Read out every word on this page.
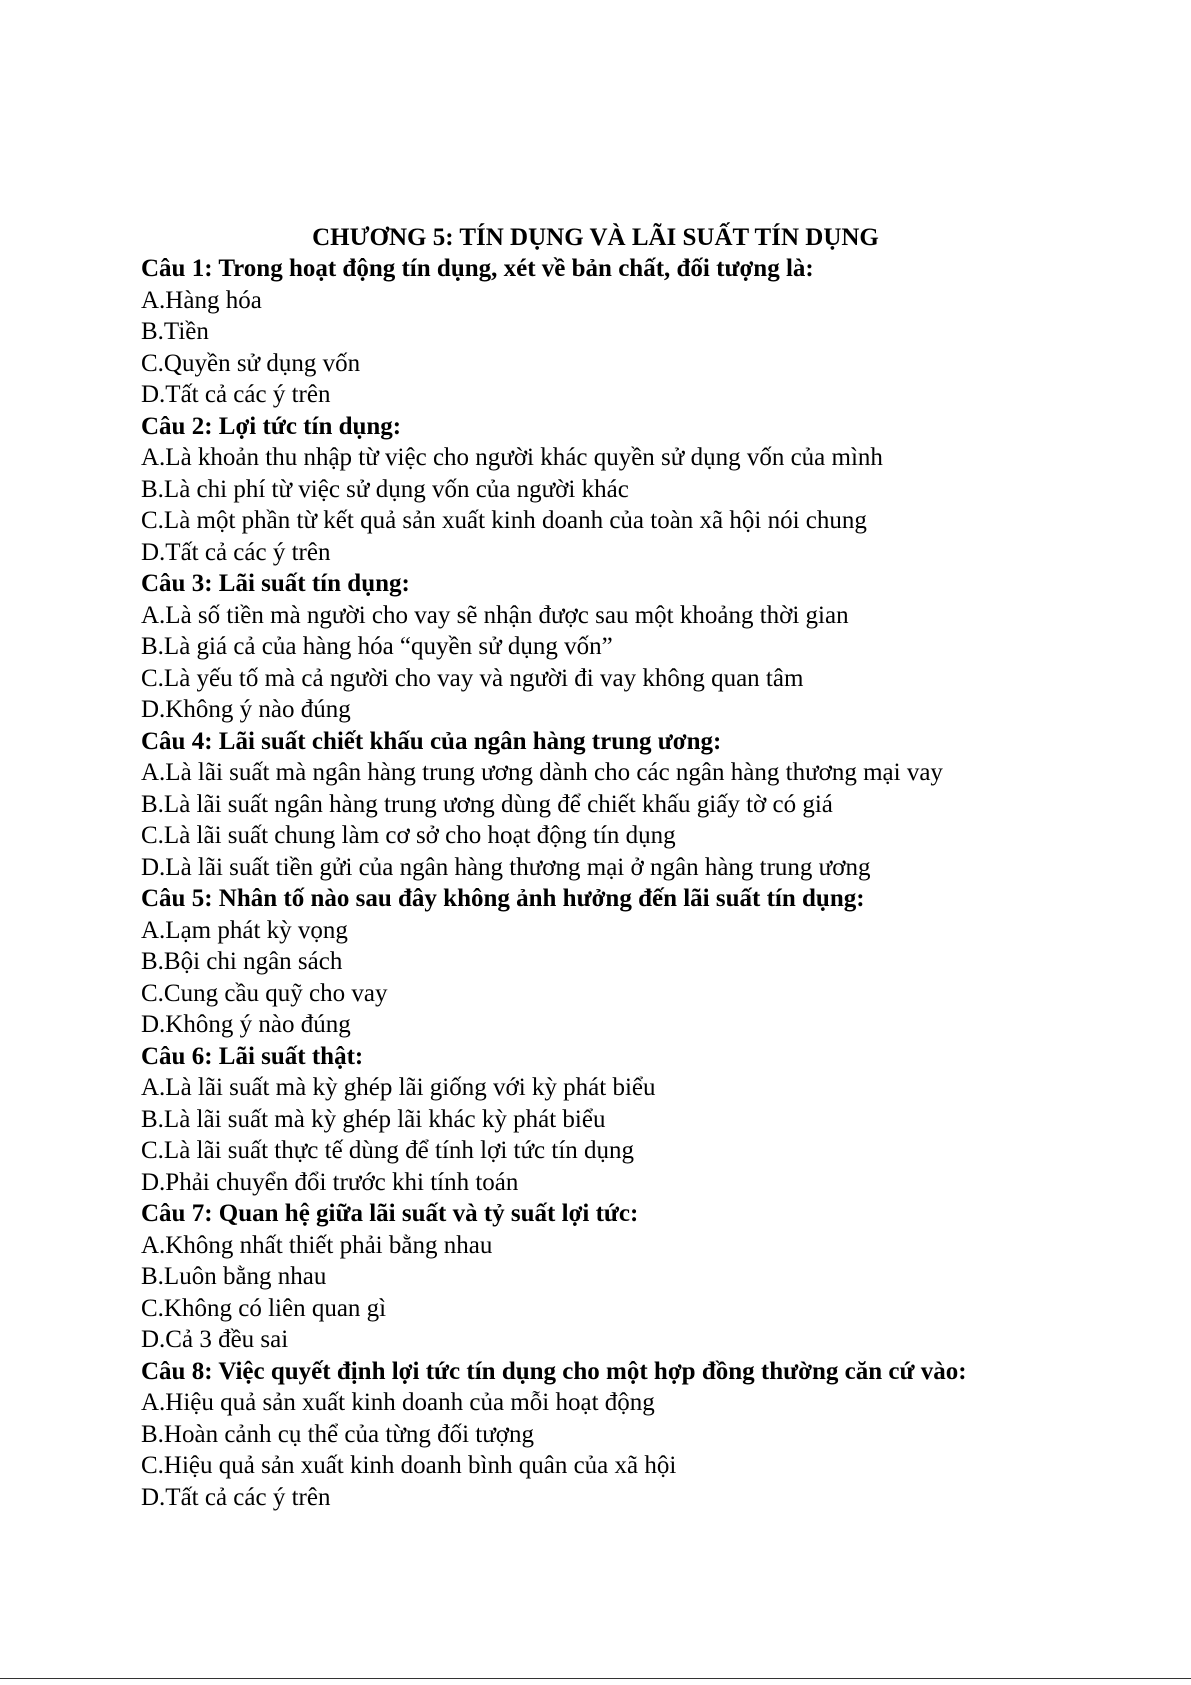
CHƯƠNG 5: TÍN DỤNG VÀ LÃI SUẤT TÍN DỤNG
Câu 1: Trong hoạt động tín dụng, xét về bản chất, đối tượng là:
A.Hàng hóa
B.Tiền
C.Quyền sử dụng vốn
D.Tất cả các ý trên
Câu 2: Lợi tức tín dụng:
A.Là khoản thu nhập từ việc cho người khác quyền sử dụng vốn của mình
B.Là chi phí từ việc sử dụng vốn của người khác
C.Là một phần từ kết quả sản xuất kinh doanh của toàn xã hội nói chung
D.Tất cả các ý trên
Câu 3: Lãi suất tín dụng:
A.Là số tiền mà người cho vay sẽ nhận được sau một khoảng thời gian
B.Là giá cả của hàng hóa “quyền sử dụng vốn”
C.Là yếu tố mà cả người cho vay và người đi vay không quan tâm
D.Không ý nào đúng
Câu 4: Lãi suất chiết khấu của ngân hàng trung ương:
A.Là lãi suất mà ngân hàng trung ương dành cho các ngân hàng thương mại vay
B.Là lãi suất ngân hàng trung ương dùng để chiết khấu giấy tờ có giá
C.Là lãi suất chung làm cơ sở cho hoạt động tín dụng
D.Là lãi suất tiền gửi của ngân hàng thương mại ở ngân hàng trung ương
Câu 5: Nhân tố nào sau đây không ảnh hưởng đến lãi suất tín dụng:
A.Lạm phát kỳ vọng
B.Bội chi ngân sách
C.Cung cầu quỹ cho vay
D.Không ý nào đúng
Câu 6: Lãi suất thật:
A.Là lãi suất mà kỳ ghép lãi giống với kỳ phát biểu
B.Là lãi suất mà kỳ ghép lãi khác kỳ phát biểu
C.Là lãi suất thực tế dùng để tính lợi tức tín dụng
D.Phải chuyển đổi trước khi tính toán
Câu 7: Quan hệ giữa lãi suất và tỷ suất lợi tức:
A.Không nhất thiết phải bằng nhau
B.Luôn bằng nhau
C.Không có liên quan gì
D.Cả 3 đều sai
Câu 8: Việc quyết định lợi tức tín dụng cho một hợp đồng thường căn cứ vào:
A.Hiệu quả sản xuất kinh doanh của mỗi hoạt động
B.Hoàn cảnh cụ thể của từng đối tượng
C.Hiệu quả sản xuất kinh doanh bình quân của xã hội
D.Tất cả các ý trên
